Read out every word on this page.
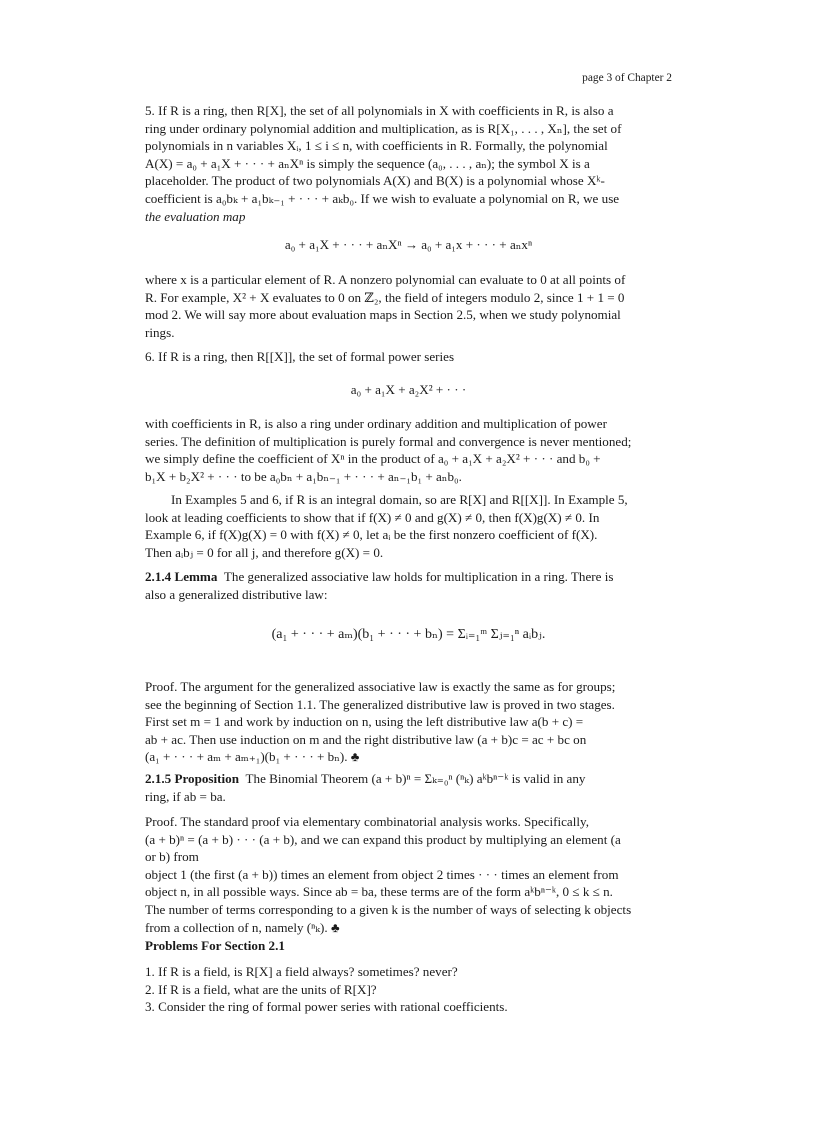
page 3 of Chapter 2

5. If R is a ring, then R[X], the set of all polynomials in X with coefficients in R, is also a

ring under ordinary polynomial addition and multiplication, as is R[X₁, . . . , Xₙ], the set of

polynomials in n variables Xᵢ, 1 ≤ i ≤ n, with coefficients in R. Formally, the polynomial

A(X) = a₀ + a₁X + · · · + aₙXⁿ is simply the sequence (a₀, . . . , aₙ); the symbol X is a

placeholder. The product of two polynomials A(X) and B(X) is a polynomial whose Xᵏ-

coefficient is a₀bₖ + a₁bₖ₋₁ + · · · + aₖb₀. If we wish to evaluate a polynomial on R, we use

the evaluation map

a₀ + a₁X + · · · + aₙXⁿ → a₀ + a₁x + · · · + aₙxⁿ

where x is a particular element of R. A nonzero polynomial can evaluate to 0 at all points of

R. For example, X² + X evaluates to 0 on ℤ₂, the field of integers modulo 2, since 1 + 1 = 0

mod 2. We will say more about evaluation maps in Section 2.5, when we study polynomial

rings.

6. If R is a ring, then R[[X]], the set of formal power series

a₀ + a₁X + a₂X² + · · ·

with coefficients in R, is also a ring under ordinary addition and multiplication of power

series. The definition of multiplication is purely formal and convergence is never mentioned;

we simply define the coefficient of Xⁿ in the product of a₀ + a₁X + a₂X² + · · · and b₀ +

b₁X + b₂X² + · · · to be a₀bₙ + a₁bₙ₋₁ + · · · + aₙ₋₁b₁ + aₙb₀.

In Examples 5 and 6, if R is an integral domain, so are R[X] and R[[X]]. In Example 5,

look at leading coefficients to show that if f(X) ≠ 0 and g(X) ≠ 0, then f(X)g(X) ≠ 0. In

Example 6, if f(X)g(X) = 0 with f(X) ≠ 0, let aᵢ be the first nonzero coefficient of f(X).

Then aᵢbⱼ = 0 for all j, and therefore g(X) = 0.

2.1.4 Lemma The generalized associative law holds for multiplication in a ring. There is

also a generalized distributive law:

(a₁ + · · · + aₘ)(b₁ + · · · + bₙ) = Σᵢ₌₁ᵐ Σⱼ₌₁ⁿ aᵢbⱼ.

Proof. The argument for the generalized associative law is exactly the same as for groups;

see the beginning of Section 1.1. The generalized distributive law is proved in two stages.

First set m = 1 and work by induction on n, using the left distributive law a(b + c) =

ab + ac. Then use induction on m and the right distributive law (a + b)c = ac + bc on

(a₁ + · · · + aₘ + aₘ₊₁)(b₁ + · · · + bₙ). ♣

2.1.5 Proposition The Binomial Theorem (a + b)ⁿ = Σₖ₌₀ⁿ (ⁿₖ) aᵏbⁿ⁻ᵏ is valid in any

ring, if ab = ba.

Proof. The standard proof via elementary combinatorial analysis works. Specifically,

(a + b)ⁿ = (a + b) · · · (a + b), and we can expand this product by multiplying an element (a

or b) from

object 1 (the first (a + b)) times an element from object 2 times · · · times an element from

object n, in all possible ways. Since ab = ba, these terms are of the form aᵏbⁿ⁻ᵏ, 0 ≤ k ≤ n.

The number of terms corresponding to a given k is the number of ways of selecting k objects

from a collection of n, namely (ⁿₖ). ♣

Problems For Section 2.1

1. If R is a field, is R[X] a field always? sometimes? never?

2. If R is a field, what are the units of R[X]?

3. Consider the ring of formal power series with rational coefficients.
